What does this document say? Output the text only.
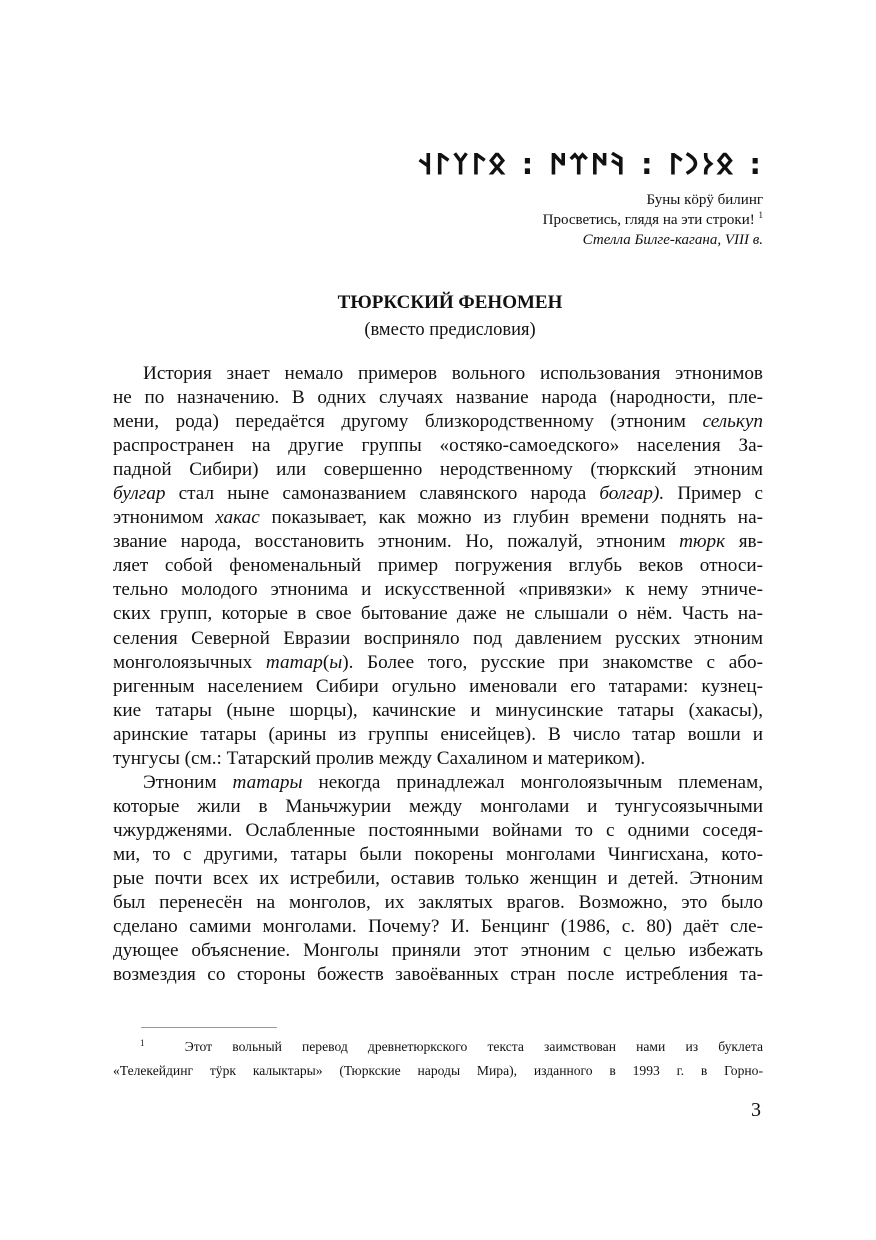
𐰋𐰆𐰣𐰃 : 𐰚𐰇𐰼𐰇 : 𐰋𐰃𐰠𐰃𐰭 :
Буны кöрӱ билинг
Просветись, глядя на эти строки! $^1$
Стелла Билге-кагана, VIII в.
ТЮРКСКИЙ ФЕНОМЕН
(вместо предисловия)
История знает немало примеров вольного использования этнонимов
не по назначению. В одних случаях название народа (народности, пле-
мени, рода) передаётся другому близкородственному (этноним селькуп
распространен на другие группы «остяко-самоедского» населения За-
падной Сибири) или совершенно неродственному (тюркский этноним
булгар стал ныне самоназванием славянского народа болгар). Пример с
этнонимом хакас показывает, как можно из глубин времени поднять на-
звание народа, восстановить этноним. Но, пожалуй, этноним тюрк яв-
ляет собой феноменальный пример погружения вглубь веков относи-
тельно молодого этнонима и искусственной «привязки» к нему этниче-
ских групп, которые в свое бытование даже не слышали о нём. Часть на-
селения Северной Евразии восприняло под давлением русских этноним
монголоязычных татар(ы). Более того, русские при знакомстве с або-
ригенным населением Сибири огульно именовали его татарами: кузнец-
кие татары (ныне шорцы), качинские и минусинские татары (хакасы),
аринские татары (арины из группы енисейцев). В число татар вошли и
тунгусы (см.: Татарский пролив между Сахалином и материком).
Этноним татары некогда принадлежал монголоязычным племенам,
которые жили в Маньчжурии между монголами и тунгусоязычными
чжурдженями. Ослабленные постоянными войнами то с одними соседя-
ми, то с другими, татары были покорены монголами Чингисхана, кото-
рые почти всех их истребили, оставив только женщин и детей. Этноним
был перенесён на монголов, их заклятых врагов. Возможно, это было
сделано самими монголами. Почему? И. Бенцинг (1986, с. 80) даёт сле-
дующее объяснение. Монголы приняли этот этноним с целью избежать
возмездия со стороны божеств завоёванных стран после истребления та-
$^1$	Этот вольный перевод древнетюркского текста заимствован нами из буклета
«Телекейдинг тӱрк калыктары» (Тюркские народы Мира), изданного в 1993 г. в Горно-
3
